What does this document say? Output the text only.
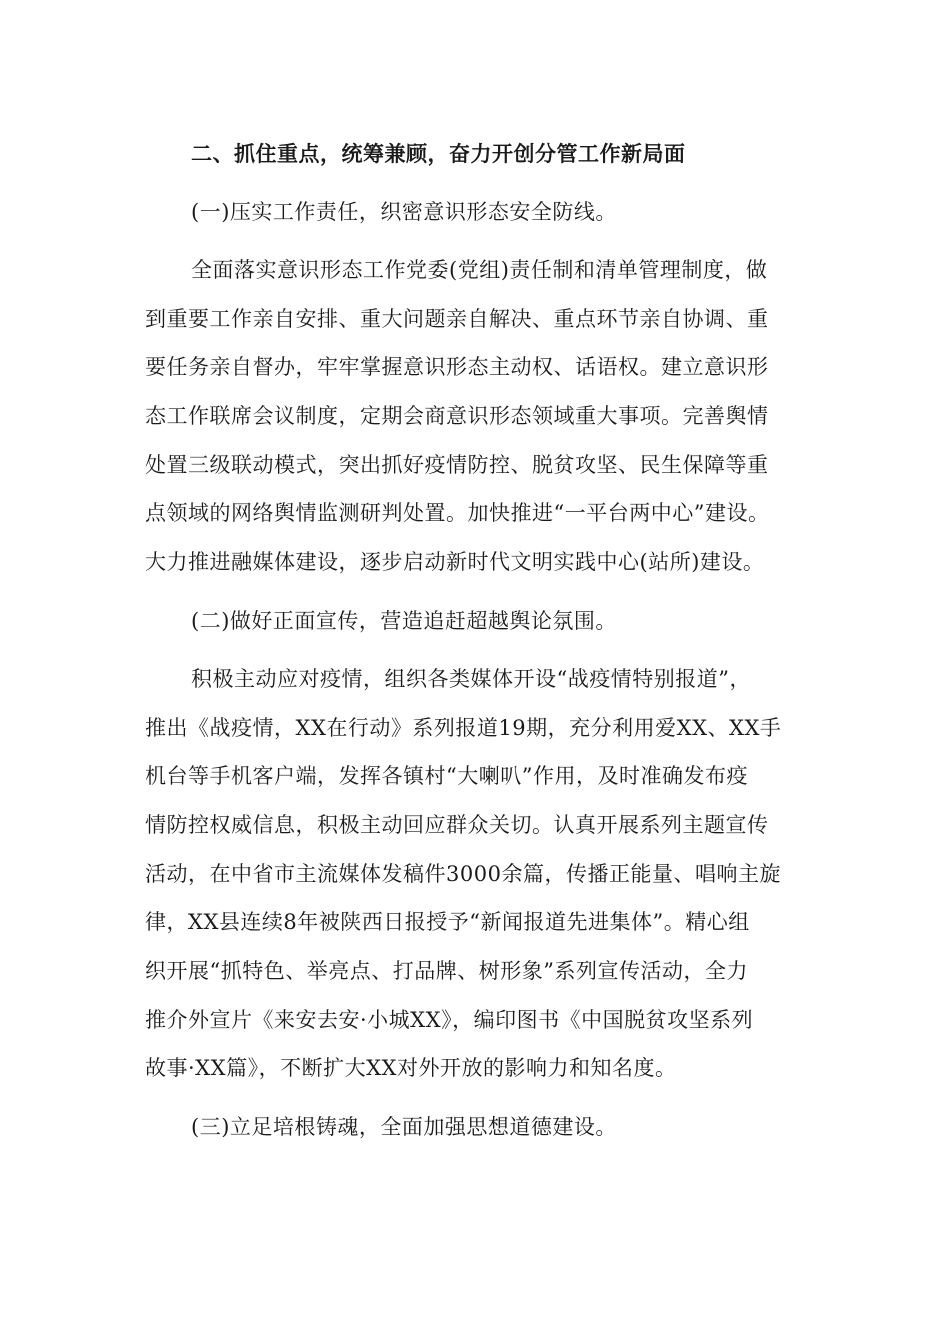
二、抓住重点，统筹兼顾，奋力开创分管工作新局面

(一)压实工作责任，织密意识形态安全防线。

全面落实意识形态工作党委(党组)责任制和清单管理制度，做
到重要工作亲自安排、重大问题亲自解决、重点环节亲自协调、重
要任务亲自督办，牢牢掌握意识形态主动权、话语权。建立意识形
态工作联席会议制度，定期会商意识形态领域重大事项。完善舆情
处置三级联动模式，突出抓好疫情防控、脱贫攻坚、民生保障等重
点领域的网络舆情监测研判处置。加快推进“一平台两中心”建设。
大力推进融媒体建设，逐步启动新时代文明实践中心(站所)建设。

(二)做好正面宣传，营造追赶超越舆论氛围。

积极主动应对疫情，组织各类媒体开设“战疫情特别报道”，
推出《战疫情，XX在行动》系列报道19期，充分利用爱XX、XX手
机台等手机客户端，发挥各镇村“大喇叭”作用，及时准确发布疫
情防控权威信息，积极主动回应群众关切。认真开展系列主题宣传
活动，在中省市主流媒体发稿件3000余篇，传播正能量、唱响主旋
律，XX县连续8年被陕西日报授予“新闻报道先进集体”。精心组
织开展“抓特色、举亮点、打品牌、树形象”系列宣传活动，全力
推介外宣片《来安去安·小城XX》，编印图书《中国脱贫攻坚系列
故事·XX篇》，不断扩大XX对外开放的影响力和知名度。

(三)立足培根铸魂，全面加强思想道德建设。
